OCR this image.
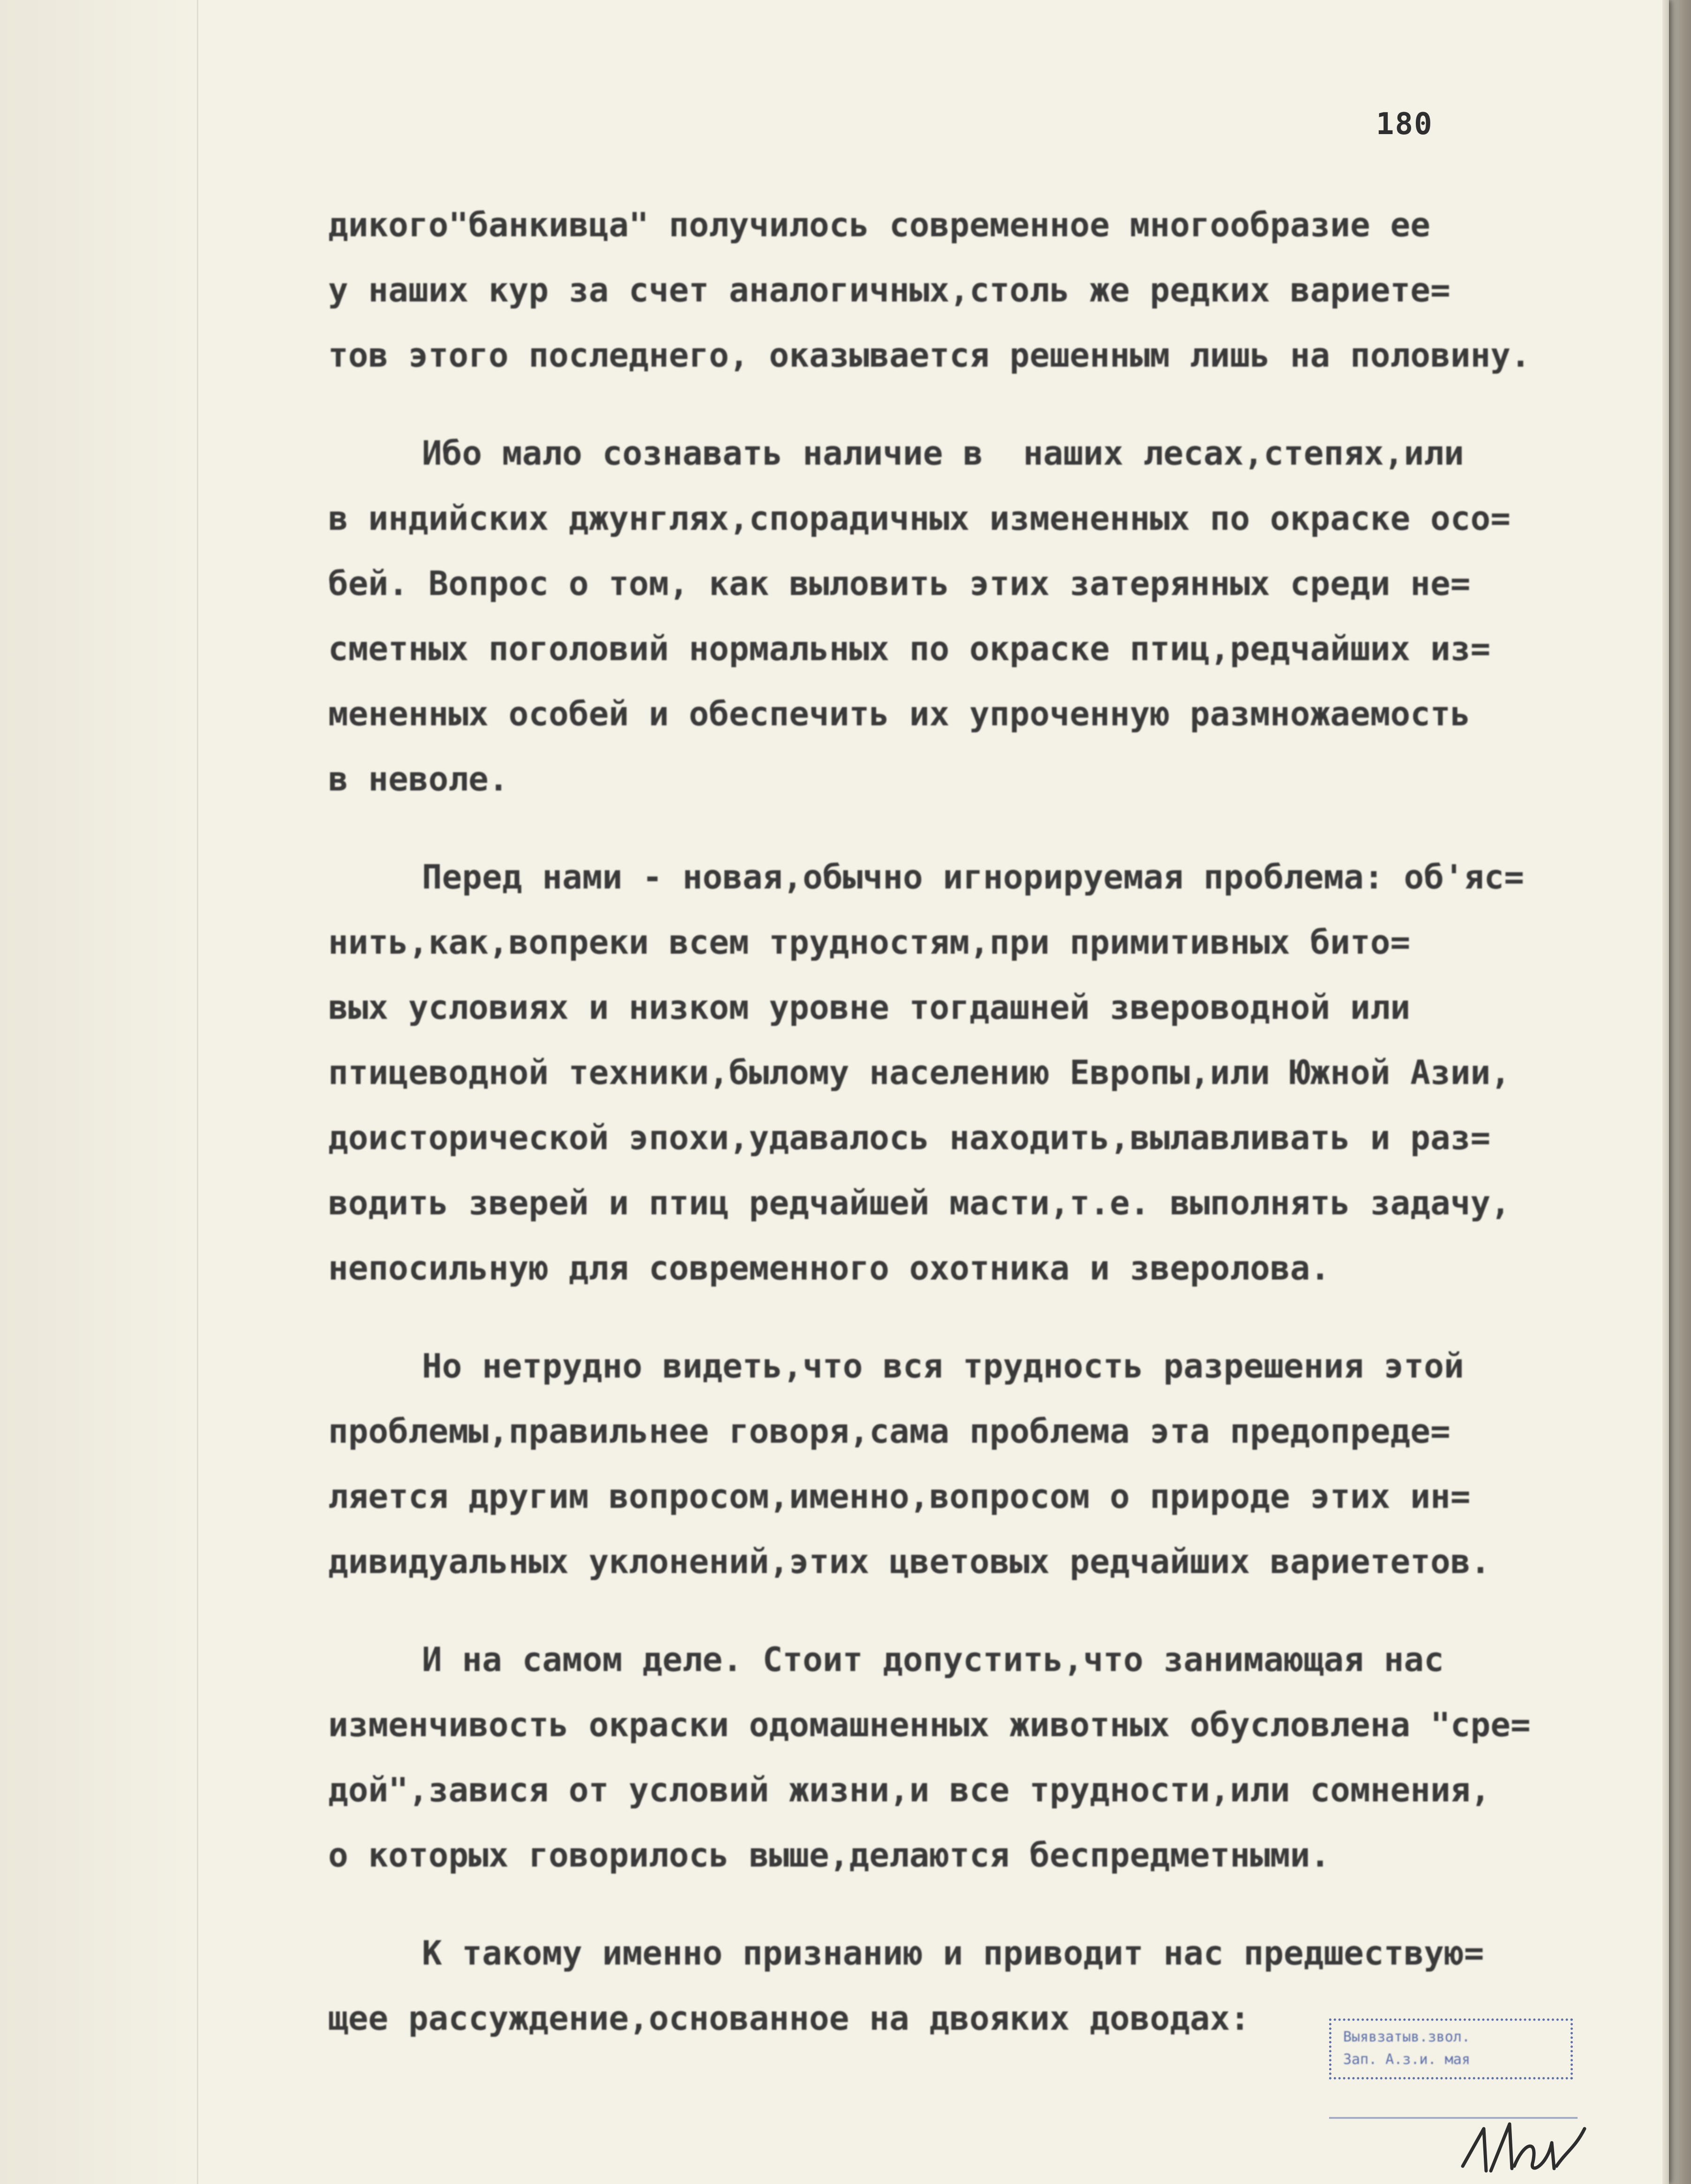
180
дикого"банкивца" получилось современное многообразие ее
у наших кур за счет аналогичных,столь же редких вариете=
тов этого последнего, оказывается решенным лишь на половину.
Ибо мало сознавать наличие в  наших лесах,степях,или
в индийских джунглях,спорадичных измененных по окраске осо=
бей. Вопрос о том, как выловить этих затерянных среди не=
сметных поголовий нормальных по окраске птиц,редчайших из=
мененных особей и обеспечить их упроченную размножаемость
в неволе.
Перед нами - новая,обычно игнорируемая проблема: об'яс=
нить,как,вопреки всем трудностям,при примитивных бито=
вых условиях и низком уровне тогдашней звероводной или
птицеводной техники,былому населению Европы,или Южной Азии,
доисторической эпохи,удавалось находить,вылавливать и раз=
водить зверей и птиц редчайшей масти,т.е. выполнять задачу,
непосильную для современного охотника и зверолова.
Но нетрудно видеть,что вся трудность разрешения этой
проблемы,правильнее говоря,сама проблема эта предопреде=
ляется другим вопросом,именно,вопросом о природе этих ин=
дивидуальных уклонений,этих цветовых редчайших вариететов.
И на самом деле. Стоит допустить,что занимающая нас
изменчивость окраски одомашненных животных обусловлена "сре=
дой",завися от условий жизни,и все трудности,или сомнения,
о которых говорилось выше,делаются беспредметными.
К такому именно признанию и приводит нас предшествую=
щее рассуждение,основанное на двояких доводах:	Выявзатыв.звол.
Зап. А.з.и. мая
